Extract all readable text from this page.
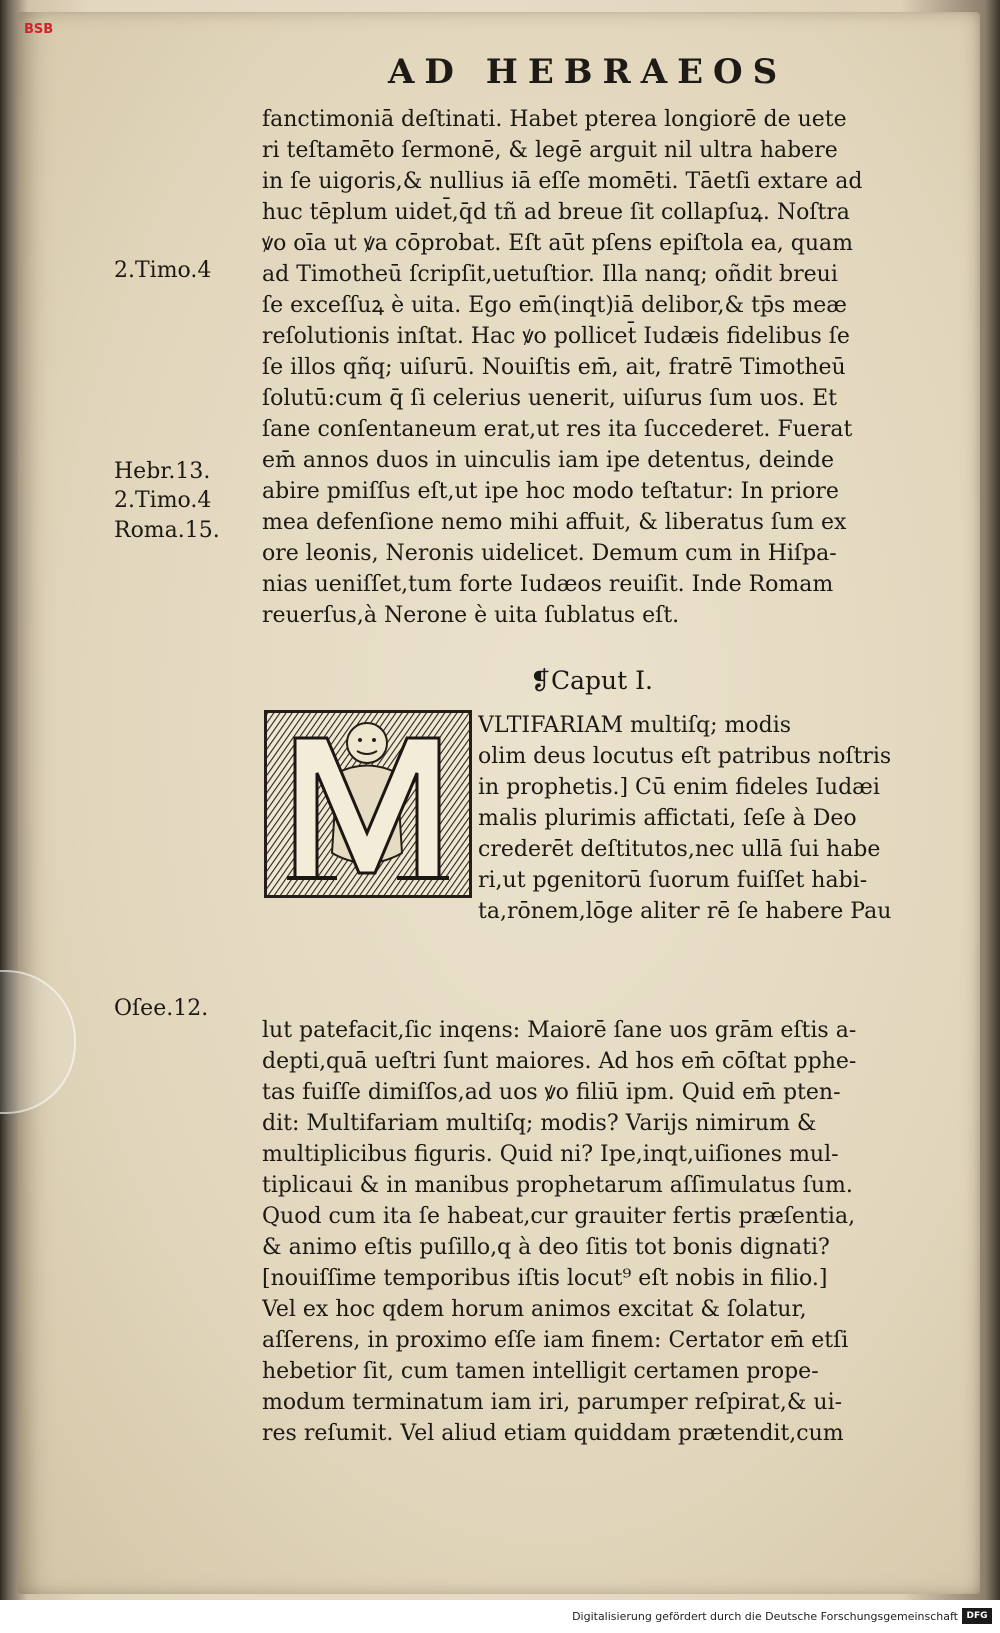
BSB
AD HEBRAEOS
2.Timo.4
Hebr.13.
2.Timo.4
Roma.15.
Oſee.12.
fanctimoniā deſtinati. Habet pterea longiorē de uete
ri teſtamēto ſermonē, & legē arguit nil ultra habere
in ſe uigoris,& nullius iā eſſe momēti. Tāetſi extare ad
huc tēplum uidet̄,q̄d tñ ad breue ſit collapſuꝝ. Noſtra
ꝟo oīa ut ꝟa cōprobat. Eſt aūt pſens epiſtola ea, quam
ad Timotheū ſcripſit,uetuſtior. Illa nanq; oñdit breui
ſe exceſſuꝝ è uita. Ego em̄(inqt)iā delibor,& tp̄s meæ
reſolutionis inſtat. Hac ꝟo pollicet̄ Iudæis fidelibus ſe
ſe illos qñq; uiſurū. Nouiſtis em̄, ait, fratrē Timotheū
ſolutū:cum q̄ ſi celerius uenerit, uiſurus ſum uos. Et
ſane conſentaneum erat,ut res ita ſuccederet. Fuerat
em̄ annos duos in uinculis iam ipe detentus, deinde
abire pmiſſus eſt,ut ipe hoc modo teſtatur: In priore
mea defenſione nemo mihi affuit, & liberatus ſum ex
ore leonis, Neronis uidelicet. Demum cum in Hiſpa-
nias ueniſſet,tum forte Iudæos reuiſit. Inde Romam
reuerſus,à Nerone è uita ſublatus eſt.
❡Caput I.
VLTIFARIAM multiſq; modis
olim deus locutus eſt patribus noſtris
in prophetis.] Cū enim fideles Iudæi
malis plurimis affictati, ſeſe à Deo
crederēt deſtitutos,nec ullā ſui habe
ri,ut pgenitorū ſuorum fuiſſet habi-
ta,rōnem,lōge aliter rē ſe habere Pau
lut patefacit,ſic inqens: Maiorē ſane uos grām eſtis a-
depti,quā ueſtri ſunt maiores. Ad hos em̄ cōſtat pphe-
tas fuiſſe dimiſſos,ad uos ꝟo filiū ipm. Quid em̄ pten-
dit: Multifariam multiſq; modis? Varijs nimirum &
multiplicibus figuris. Quid ni? Ipe,inqt,uiſiones mul-
tiplicaui & in manibus prophetarum aſſimulatus ſum.
Quod cum ita ſe habeat,cur grauiter fertis præſentia,
& animo eſtis puſillo,q à deo ſitis tot bonis dignati?
[nouiſſime temporibus iſtis locut⁹ eſt nobis in filio.]
Vel ex hoc qdem horum animos excitat & ſolatur,
aſſerens, in proximo eſſe iam finem: Certator em̄ etſi
hebetior ſit, cum tamen intelligit certamen prope-
modum terminatum iam iri, parumper reſpirat,& ui-
res reſumit. Vel aliud etiam quiddam prætendit,cum
Digitalisierung gefördert durch die Deutsche Forschungsgemeinschaft DFG
